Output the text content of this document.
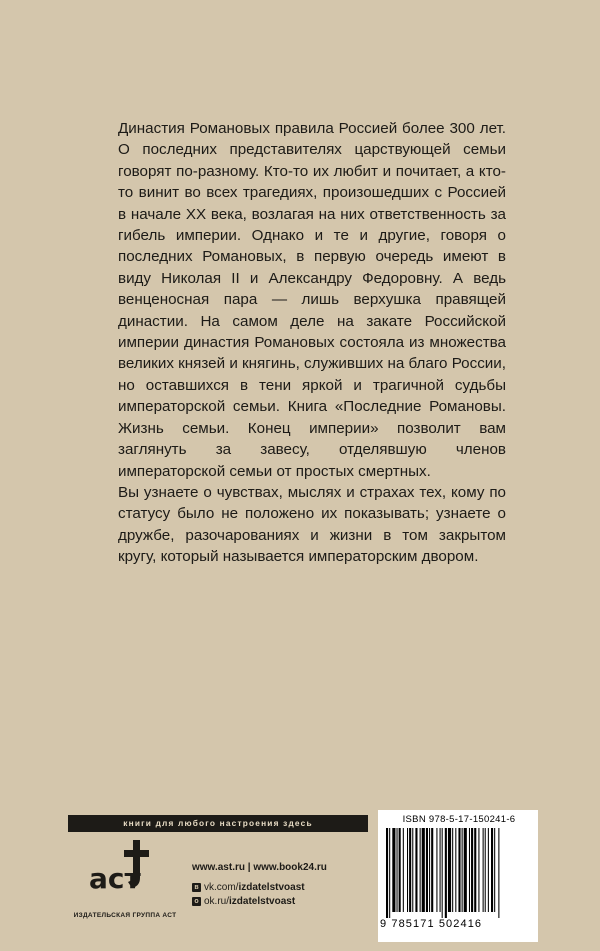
Династия Романовых правила Россией более 300 лет. О последних представителях царствующей семьи говорят по-разному. Кто-то их любит и почитает, а кто-то винит во всех трагедиях, произошедших с Россией в начале XX века, возлагая на них ответственность за гибель империи. Однако и те и другие, говоря о последних Романовых, в первую очередь имеют в виду Николая II и Александру Федоровну. А ведь венценосная пара — лишь верхушка правящей династии. На самом деле на закате Российской империи династия Романовых состояла из множества великих князей и княгинь, служивших на благо России, но оставшихся в тени яркой и трагичной судьбы императорской семьи. Книга «Последние Романовы. Жизнь семьи. Конец империи» позволит вам заглянуть за завесу, отделявшую членов императорской семьи от простых смертных.

Вы узнаете о чувствах, мыслях и страхах тех, кому по статусу было не положено их показывать; узнаете о дружбе, разочарованиях и жизни в том закрытом кругу, который называется императорским двором.

книги для любого настроения здесь
аст
ИЗДАТЕЛЬСКАЯ ГРУППА АСТ
www.ast.ru | www.book24.ru
в vk.com/ izdatelstvoast
о ok.ru/ izdatelstvoast
ISBN 978-5-17-150241-6
9 785171 502416
